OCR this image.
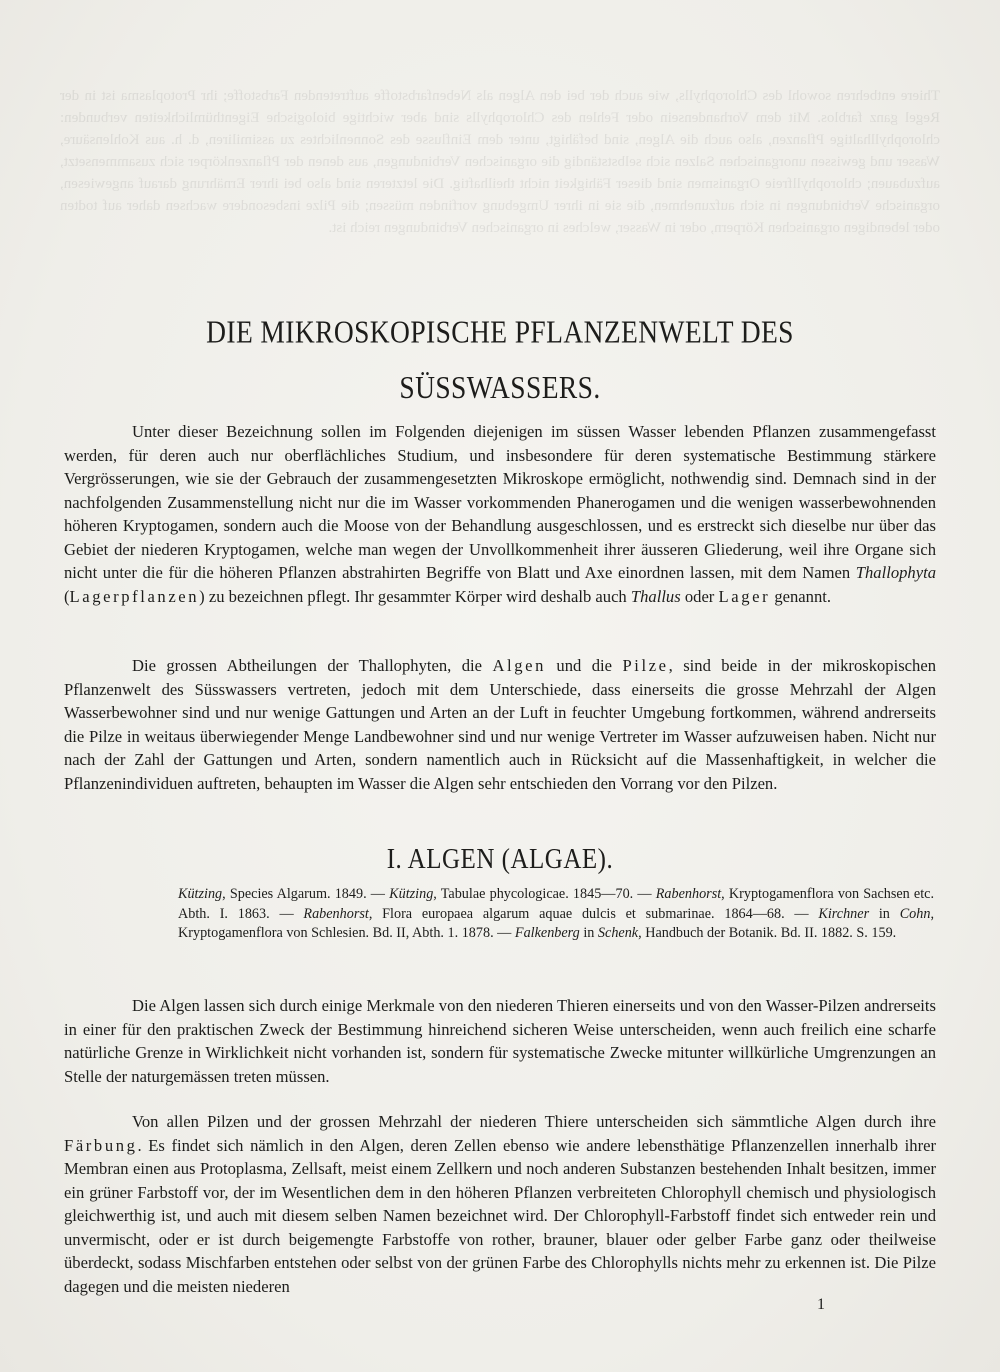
Thiere entbehren sowohl des Chlorophylls, wie auch der bei den Algen als Nebenfarbstoffe auftretenden Farbstoffe; ihr Protoplasma ist in der Regel ganz farblos. Mit dem Vorhandensein oder Fehlen des Chlorophylls sind aber wichtige biologische Eigenthümlichkeiten verbunden: chlorophyllhaltige Pflanzen, also auch die Algen, sind befähigt, unter dem Einflusse des Sonnenlichtes zu assimiliren, d. h. aus Kohlensäure, Wasser und gewissen unorganischen Salzen sich selbstständig die organischen Verbindungen, aus denen der Pflanzenkörper sich zusammensetzt, aufzubauen; chlorophyllfreie Organismen sind dieser Fähigkeit nicht theilhaftig. Die letzteren sind also bei ihrer Ernährung darauf angewiesen, organische Verbindungen in sich aufzunehmen, die sie in ihrer Umgebung vorfinden müssen; die Pilze insbesondere wachsen daher auf todten oder lebendigen organischen Körpern, oder in Wasser, welches in organischen Verbindungen reich ist.
DIE MIKROSKOPISCHE PFLANZENWELT DES
SÜSSWASSERS.

Unter dieser Bezeichnung sollen im Folgenden diejenigen im süssen Wasser lebenden Pflanzen zusammengefasst werden, für deren auch nur oberflächliches Studium, und insbesondere für deren systematische Bestimmung stärkere Vergrösserungen, wie sie der Gebrauch der zusammengesetzten Mikroskope ermöglicht, nothwendig sind. Demnach sind in der nachfolgenden Zusammenstellung nicht nur die im Wasser vorkommenden Phanerogamen und die wenigen wasserbewohnenden höheren Kryptogamen, sondern auch die Moose von der Behandlung ausgeschlossen, und es erstreckt sich dieselbe nur über das Gebiet der niederen Kryptogamen, welche man wegen der Unvollkommenheit ihrer äusseren Gliederung, weil ihre Organe sich nicht unter die für die höheren Pflanzen abstrahirten Begriffe von Blatt und Axe einordnen lassen, mit dem Namen Thallophyta (Lagerpflanzen) zu bezeichnen pflegt. Ihr gesammter Körper wird deshalb auch Thallus oder Lager genannt.

Die grossen Abtheilungen der Thallophyten, die Algen und die Pilze, sind beide in der mikroskopischen Pflanzenwelt des Süsswassers vertreten, jedoch mit dem Unterschiede, dass einerseits die grosse Mehrzahl der Algen Wasserbewohner sind und nur wenige Gattungen und Arten an der Luft in feuchter Umgebung fortkommen, während andrerseits die Pilze in weitaus überwiegender Menge Landbewohner sind und nur wenige Vertreter im Wasser aufzuweisen haben. Nicht nur nach der Zahl der Gattungen und Arten, sondern namentlich auch in Rücksicht auf die Massenhaftigkeit, in welcher die Pflanzenindividuen auftreten, behaupten im Wasser die Algen sehr entschieden den Vorrang vor den Pilzen.

I. ALGEN (ALGAE).

Kützing, Species Algarum. 1849. — Kützing, Tabulae phycologicae. 1845—70. — Rabenhorst, Kryptogamenflora von Sachsen etc. Abth. I. 1863. — Rabenhorst, Flora europaea algarum aquae dulcis et submarinae. 1864—68. — Kirchner in Cohn, Kryptogamenflora von Schlesien. Bd. II, Abth. 1. 1878. — Falkenberg in Schenk, Handbuch der Botanik. Bd. II. 1882. S. 159.

Die Algen lassen sich durch einige Merkmale von den niederen Thieren einerseits und von den Wasser-Pilzen andrerseits in einer für den praktischen Zweck der Bestimmung hinreichend sicheren Weise unterscheiden, wenn auch freilich eine scharfe natürliche Grenze in Wirklichkeit nicht vorhanden ist, sondern für systematische Zwecke mitunter willkürliche Umgrenzungen an Stelle der naturgemässen treten müssen.

Von allen Pilzen und der grossen Mehrzahl der niederen Thiere unterscheiden sich sämmtliche Algen durch ihre Färbung. Es findet sich nämlich in den Algen, deren Zellen ebenso wie andere lebensthätige Pflanzenzellen innerhalb ihrer Membran einen aus Protoplasma, Zellsaft, meist einem Zellkern und noch anderen Substanzen bestehenden Inhalt besitzen, immer ein grüner Farbstoff vor, der im Wesentlichen dem in den höheren Pflanzen verbreiteten Chlorophyll chemisch und physiologisch gleichwerthig ist, und auch mit diesem selben Namen bezeichnet wird. Der Chlorophyll-Farbstoff findet sich entweder rein und unvermischt, oder er ist durch beigemengte Farbstoffe von rother, brauner, blauer oder gelber Farbe ganz oder theilweise überdeckt, sodass Mischfarben entstehen oder selbst von der grünen Farbe des Chlorophylls nichts mehr zu erkennen ist. Die Pilze dagegen und die meisten niederen

1
